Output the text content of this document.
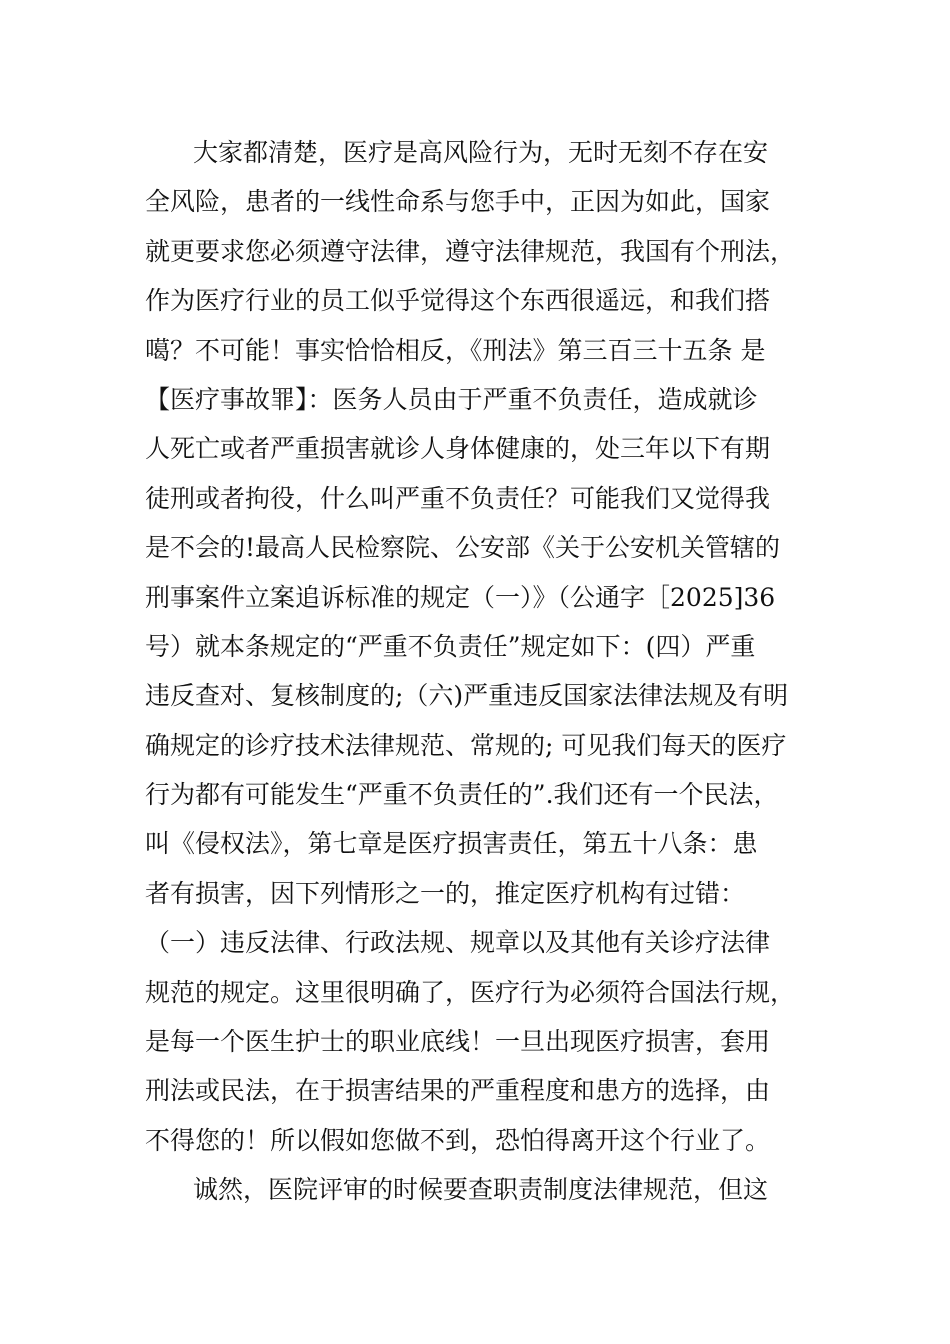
大家都清楚，医疗是高风险行为，无时无刻不存在安
全风险，患者的一线性命系与您手中，正因为如此，国家
就更要求您必须遵守法律，遵守法律规范，我国有个刑法，
作为医疗行业的员工似乎觉得这个东西很遥远，和我们搭
噶？不可能！事实恰恰相反，《刑法》第三百三十五条 是
【医疗事故罪】：医务人员由于严重不负责任，造成就诊
人死亡或者严重损害就诊人身体健康的，处三年以下有期
徒刑或者拘役，什么叫严重不负责任？可能我们又觉得我
是不会的!最高人民检察院、公安部《关于公安机关管辖的
刑事案件立案追诉标准的规定（一）》（公通字［2025]36
号）就本条规定的“严重不负责任”规定如下：(四）严重
违反查对、复核制度的;（六)严重违反国家法律法规及有明
确规定的诊疗技术法律规范、常规的; 可见我们每天的医疗
行为都有可能发生“严重不负责任的”.我们还有一个民法，
叫《侵权法》，第七章是医疗损害责任，第五十八条：患
者有损害，因下列情形之一的，推定医疗机构有过错：
（一）违反法律、行政法规、规章以及其他有关诊疗法律
规范的规定。这里很明确了，医疗行为必须符合国法行规，
是每一个医生护士的职业底线！一旦出现医疗损害，套用
刑法或民法，在于损害结果的严重程度和患方的选择，由
不得您的！所以假如您做不到，恐怕得离开这个行业了。
诚然，医院评审的时候要查职责制度法律规范，但这
